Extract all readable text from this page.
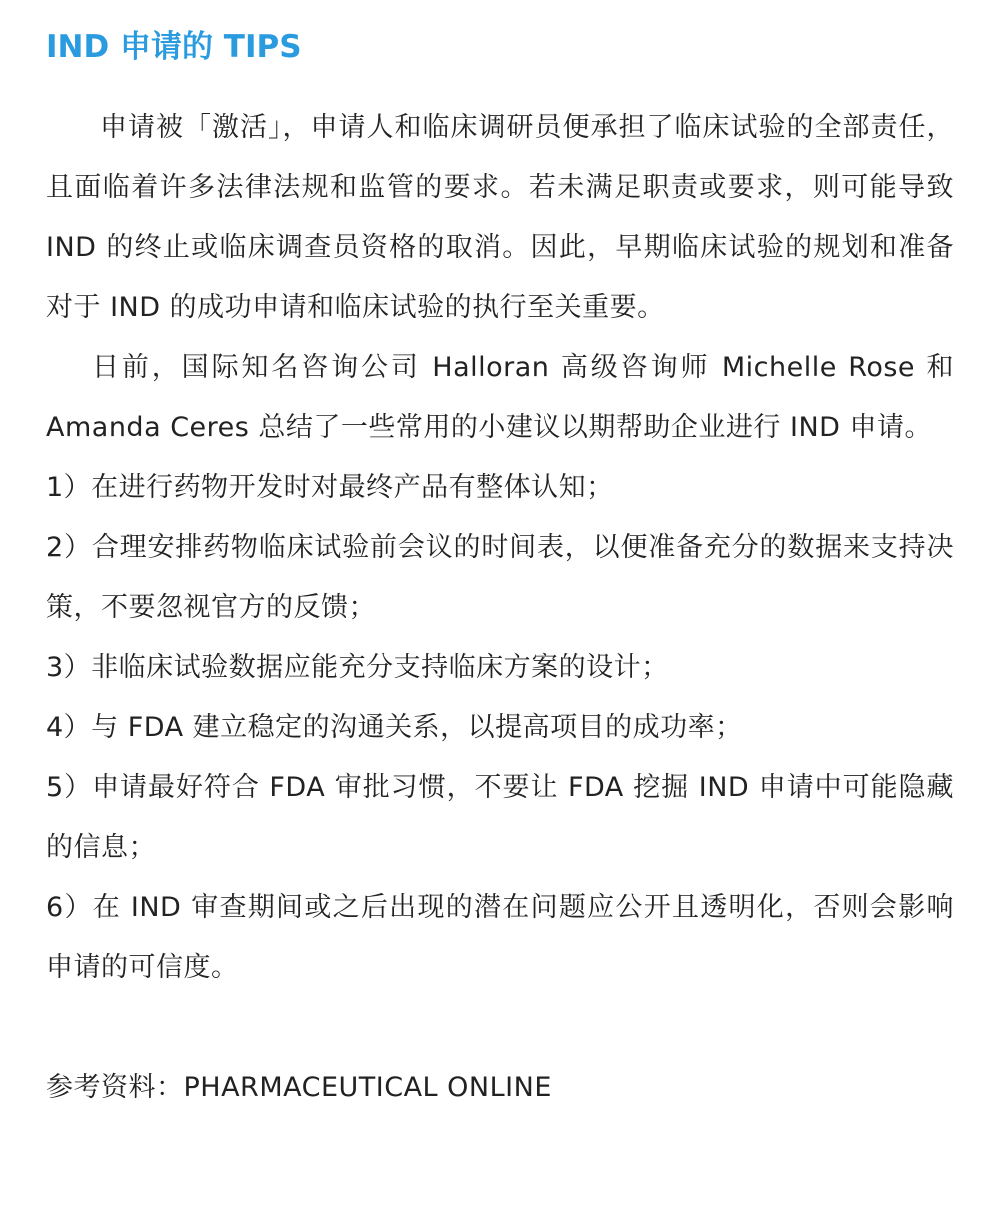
IND 申请的 TIPS

申请被「激活」，申请人和临床调研员便承担了临床试验的全部责任，且面临着许多法律法规和监管的要求。若未满足职责或要求，则可能导致 IND 的终止或临床调查员资格的取消。因此，早期临床试验的规划和准备对于 IND 的成功申请和临床试验的执行至关重要。

日前，国际知名咨询公司 Halloran 高级咨询师 Michelle Rose 和 Amanda Ceres 总结了一些常用的小建议以期帮助企业进行 IND 申请。

1）在进行药物开发时对最终产品有整体认知；

2）合理安排药物临床试验前会议的时间表，以便准备充分的数据来支持决策，不要忽视官方的反馈；

3）非临床试验数据应能充分支持临床方案的设计；

4）与 FDA 建立稳定的沟通关系，以提高项目的成功率；

5）申请最好符合 FDA 审批习惯，不要让 FDA 挖掘 IND 申请中可能隐藏的信息；

6）在 IND 审查期间或之后出现的潜在问题应公开且透明化，否则会影响申请的可信度。

参考资料：PHARMACEUTICAL ONLINE
